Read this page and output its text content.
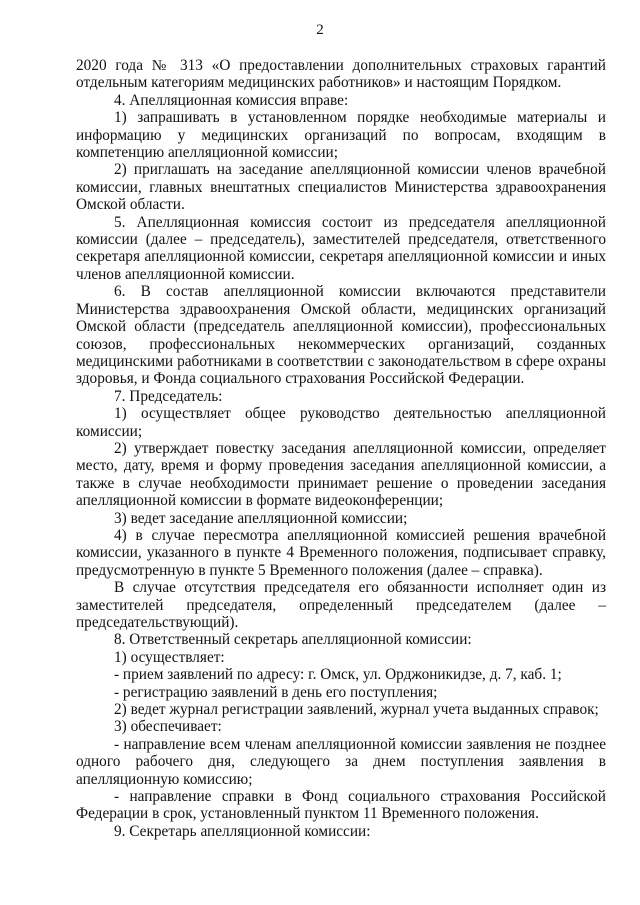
2

2020 года № 313 «О предоставлении дополнительных страховых гарантий отдельным категориям медицинских работников» и настоящим Порядком.

4. Апелляционная комиссия вправе:

1) запрашивать в установленном порядке необходимые материалы и информацию у медицинских организаций по вопросам, входящим в компетенцию апелляционной комиссии;

2) приглашать на заседание апелляционной комиссии членов врачебной комиссии, главных внештатных специалистов Министерства здравоохранения Омской области.

5. Апелляционная комиссия состоит из председателя апелляционной комиссии (далее – председатель), заместителей председателя, ответственного секретаря апелляционной комиссии, секретаря апелляционной комиссии и иных членов апелляционной комиссии.

6. В состав апелляционной комиссии включаются представители Министерства здравоохранения Омской области, медицинских организаций Омской области (председатель апелляционной комиссии), профессиональных союзов, профессиональных некоммерческих организаций, созданных медицинскими работниками в соответствии с законодательством в сфере охраны здоровья, и Фонда социального страхования Российской Федерации.

7. Председатель:

1) осуществляет общее руководство деятельностью апелляционной комиссии;

2) утверждает повестку заседания апелляционной комиссии, определяет место, дату, время и форму проведения заседания апелляционной комиссии, а также в случае необходимости принимает решение о проведении заседания апелляционной комиссии в формате видеоконференции;

3) ведет заседание апелляционной комиссии;

4) в случае пересмотра апелляционной комиссией решения врачебной комиссии, указанного в пункте 4 Временного положения, подписывает справку, предусмотренную в пункте 5 Временного положения (далее – справка).

В случае отсутствия председателя его обязанности исполняет один из заместителей председателя, определенный председателем (далее – председательствующий).

8. Ответственный секретарь апелляционной комиссии:

1) осуществляет:

- прием заявлений по адресу: г. Омск, ул. Орджоникидзе, д. 7, каб. 1;

- регистрацию заявлений в день его поступления;

2) ведет журнал регистрации заявлений, журнал учета выданных справок;

3) обеспечивает:

- направление всем членам апелляционной комиссии заявления не позднее одного рабочего дня, следующего за днем поступления заявления в апелляционную комиссию;

- направление справки в Фонд социального страхования Российской Федерации в срок, установленный пунктом 11 Временного положения.

9. Секретарь апелляционной комиссии:
